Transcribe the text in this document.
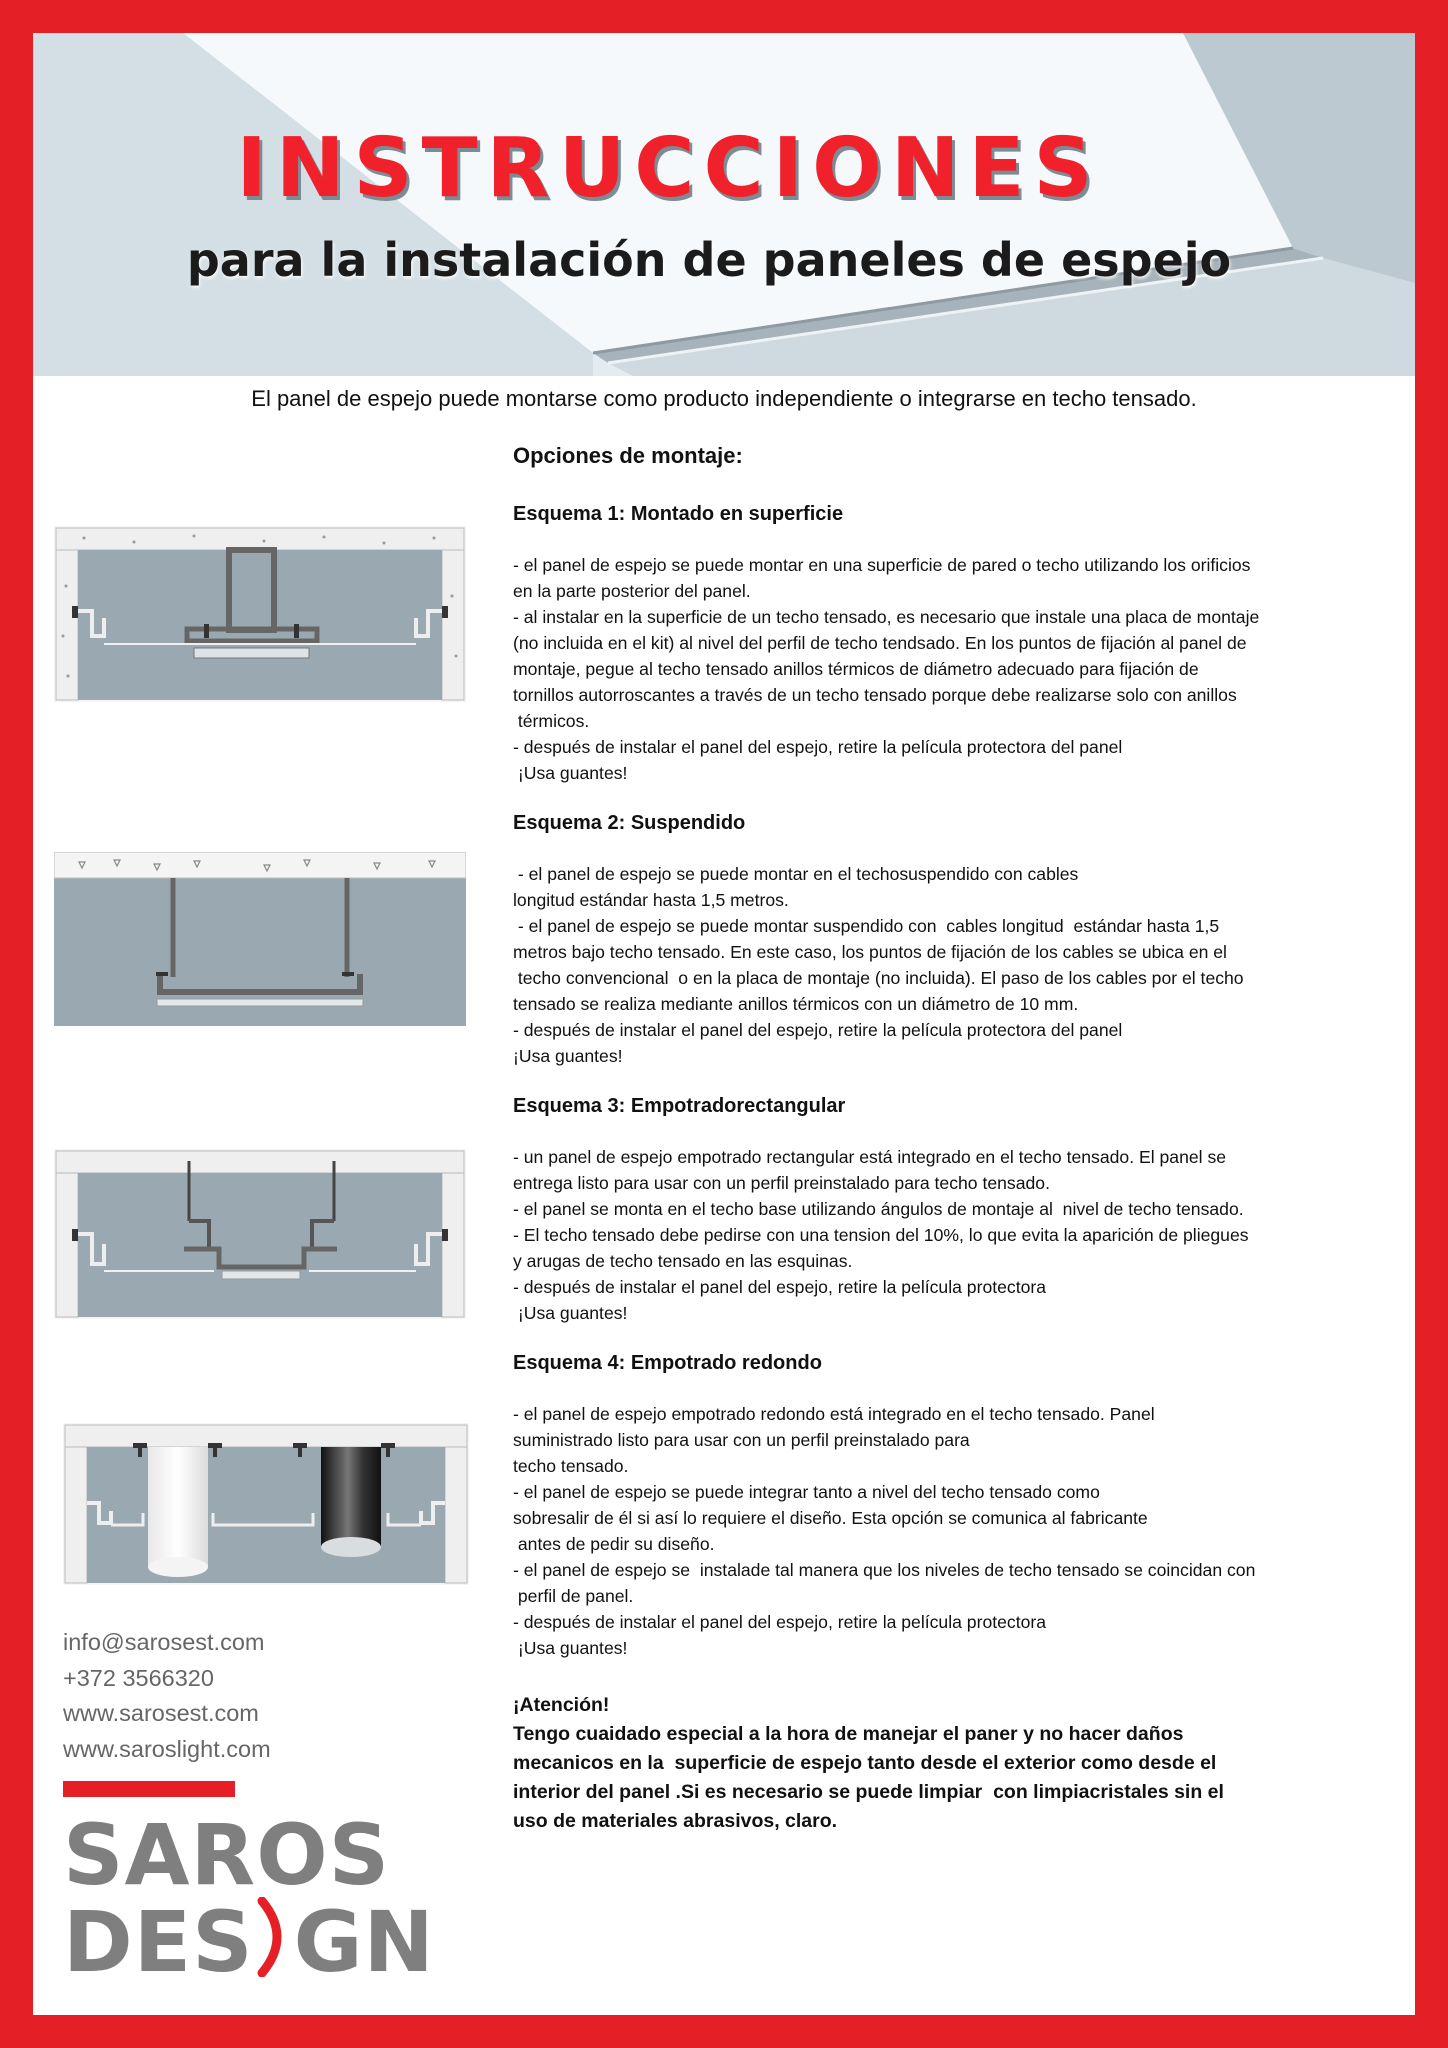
INSTRUCCIONES
para la instalación de paneles de espejo
El panel de espejo puede montarse como producto independiente o integrarse en techo tensado.
Opciones de montaje:
Esquema 1: Montado en superficie
- el panel de espejo se puede montar en una superficie de pared o techo utilizando los orificios
en la parte posterior del panel.
- al instalar en la superficie de un techo tensado, es necesario que instale una placa de montaje
(no incluida en el kit) al nivel del perfil de techo tendsado. En los puntos de fijación al panel de
montaje, pegue al techo tensado anillos térmicos de diámetro adecuado para fijación de
tornillos autorroscantes a través de un techo tensado porque debe realizarse solo con anillos
térmicos.
- después de instalar el panel del espejo, retire la película protectora del panel
¡Usa guantes!
Esquema 2: Suspendido
- el panel de espejo se puede montar en el techosuspendido con cables
longitud estándar hasta 1,5 metros.
- el panel de espejo se puede montar suspendido con  cables longitud  estándar hasta 1,5
metros bajo techo tensado. En este caso, los puntos de fijación de los cables se ubica en el
techo convencional  o en la placa de montaje (no incluida). El paso de los cables por el techo
tensado se realiza mediante anillos térmicos con un diámetro de 10 mm.
- después de instalar el panel del espejo, retire la película protectora del panel
¡Usa guantes!
Esquema 3: Empotradorectangular
- un panel de espejo empotrado rectangular está integrado en el techo tensado. El panel se
entrega listo para usar con un perfil preinstalado para techo tensado.
- el panel se monta en el techo base utilizando ángulos de montaje al  nivel de techo tensado.
- El techo tensado debe pedirse con una tension del 10%, lo que evita la aparición de pliegues
y arugas de techo tensado en las esquinas.
- después de instalar el panel del espejo, retire la película protectora
¡Usa guantes!
Esquema 4: Empotrado redondo
- el panel de espejo empotrado redondo está integrado en el techo tensado. Panel
suministrado listo para usar con un perfil preinstalado para
techo tensado.
- el panel de espejo se puede integrar tanto a nivel del techo tensado como
sobresalir de él si así lo requiere el diseño. Esta opción se comunica al fabricante
antes de pedir su diseño.
- el panel de espejo se  instalade tal manera que los niveles de techo tensado se coincidan con
perfil de panel.
- después de instalar el panel del espejo, retire la película protectora
¡Usa guantes!
¡Atención!
Tengo cuaidado especial a la hora de manejar el paner y no hacer daños
mecanicos en la  superficie de espejo tanto desde el exterior como desde el
interior del panel .Si es necesario se puede limpiar  con limpiacristales sin el
uso de materiales abrasivos, claro.
info@sarosest.com
+372 3566320
www.sarosest.com
www.saroslight.com
SAROS
DES GN
